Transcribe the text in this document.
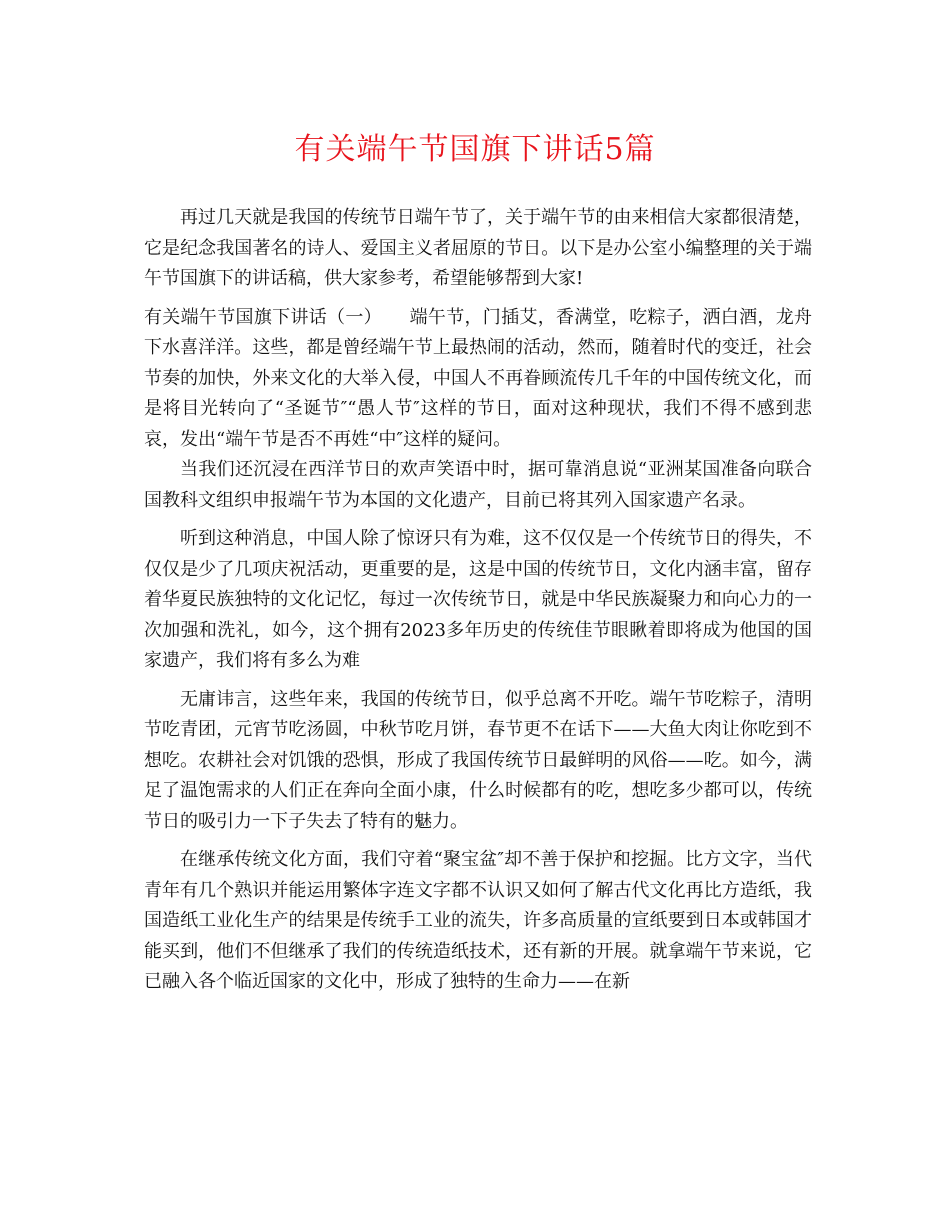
有关端午节国旗下讲话5篇

再过几天就是我国的传统节日端午节了，关于端午节的由来相信大家都很清楚，它是纪念我国著名的诗人、爱国主义者屈原的节日。以下是办公室小编整理的关于端午节国旗下的讲话稿，供大家参考，希望能够帮到大家!

有关端午节国旗下讲话（一）　　端午节，门插艾，香满堂，吃粽子，洒白酒，龙舟下水喜洋洋。这些，都是曾经端午节上最热闹的活动，然而，随着时代的变迁，社会节奏的加快，外来文化的大举入侵，中国人不再眷顾流传几千年的中国传统文化，而是将目光转向了“圣诞节″“愚人节″这样的节日，面对这种现状，我们不得不感到悲哀，发出“端午节是否不再姓“中″这样的疑问。

当我们还沉浸在西洋节日的欢声笑语中时，据可靠消息说“亚洲某国准备向联合国教科文组织申报端午节为本国的文化遗产，目前已将其列入国家遗产名录。

听到这种消息，中国人除了惊讶只有为难，这不仅仅是一个传统节日的得失，不仅仅是少了几项庆祝活动，更重要的是，这是中国的传统节日，文化内涵丰富，留存着华夏民族独特的文化记忆，每过一次传统节日，就是中华民族凝聚力和向心力的一次加强和洗礼，如今，这个拥有2023多年历史的传统佳节眼瞅着即将成为他国的国家遗产，我们将有多么为难

无庸讳言，这些年来，我国的传统节日，似乎总离不开吃。端午节吃粽子，清明节吃青团，元宵节吃汤圆，中秋节吃月饼，春节更不在话下——大鱼大肉让你吃到不想吃。农耕社会对饥饿的恐惧，形成了我国传统节日最鲜明的风俗——吃。如今，满足了温饱需求的人们正在奔向全面小康，什么时候都有的吃，想吃多少都可以，传统节日的吸引力一下子失去了特有的魅力。

在继承传统文化方面，我们守着“聚宝盆″却不善于保护和挖掘。比方文字，当代青年有几个熟识并能运用繁体字连文字都不认识又如何了解古代文化再比方造纸，我国造纸工业化生产的结果是传统手工业的流失，许多高质量的宣纸要到日本或韩国才能买到，他们不但继承了我们的传统造纸技术，还有新的开展。就拿端午节来说，它已融入各个临近国家的文化中，形成了独特的生命力——在新
